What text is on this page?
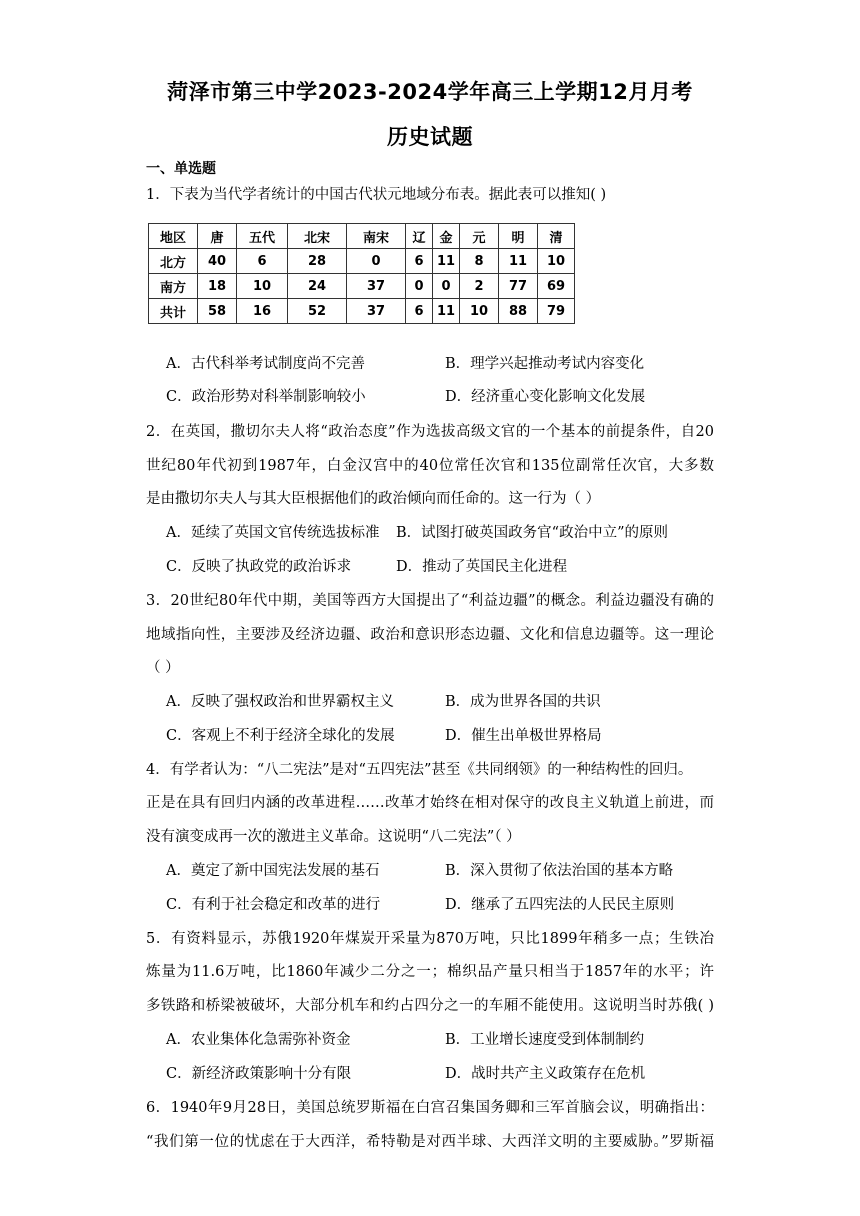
菏泽市第三中学2023-2024学年高三上学期12月月考
历史试题
一、单选题
1．下表为当代学者统计的中国古代状元地域分布表。据此表可以推知( )
地区	唐	五代	北宋	南宋	辽	金	元	明	清
北方	40	6	28	0	6	11	8	11	10
南方	18	10	24	37	0	0	2	77	69
共计	58	16	52	37	6	11	10	88	79
A．古代科举考试制度尚不完善	B．理学兴起推动考试内容变化
C．政治形势对科举制影响较小	D．经济重心变化影响文化发展
2．在英国，撒切尔夫人将“政治态度”作为选拔高级文官的一个基本的前提条件，自20
世纪80年代初到1987年，白金汉宫中的40位常任次官和135位副常任次官，大多数
是由撒切尔夫人与其大臣根据他们的政治倾向而任命的。这一行为（ ）
A．延续了英国文官传统选拔标准 B．试图打破英国政务官“政治中立”的原则
C．反映了执政党的政治诉求	D．推动了英国民主化进程
3．20世纪80年代中期，美国等西方大国提出了“利益边疆”的概念。利益边疆没有确的
地域指向性，主要涉及经济边疆、政治和意识形态边疆、文化和信息边疆等。这一理论
（ ）
A．反映了强权政治和世界霸权主义	B．成为世界各国的共识
C．客观上不利于经济全球化的发展	D．催生出单极世界格局
4．有学者认为：“八二宪法”是对“五四宪法”甚至《共同纲领》的一种结构性的回归。
正是在具有回归内涵的改革进程……改革才始终在相对保守的改良主义轨道上前进，而
没有演变成再一次的激进主义革命。这说明“八二宪法”（ ）
A．奠定了新中国宪法发展的基石	B．深入贯彻了依法治国的基本方略
C．有利于社会稳定和改革的进行	D．继承了五四宪法的人民民主原则
5．有资料显示，苏俄1920年煤炭开采量为870万吨，只比1899年稍多一点；生铁冶
炼量为11.6万吨，比1860年减少二分之一；棉织品产量只相当于1857年的水平；许
多铁路和桥梁被破坏，大部分机车和约占四分之一的车厢不能使用。这说明当时苏俄( )
A．农业集体化急需弥补资金	B．工业增长速度受到体制制约
C．新经济政策影响十分有限	D．战时共产主义政策存在危机
6．1940年9月28日，美国总统罗斯福在白宫召集国务卿和三军首脑会议，明确指出：
“我们第一位的忧虑在于大西洋，希特勒是对西半球、大西洋文明的主要威胁。”罗斯福
